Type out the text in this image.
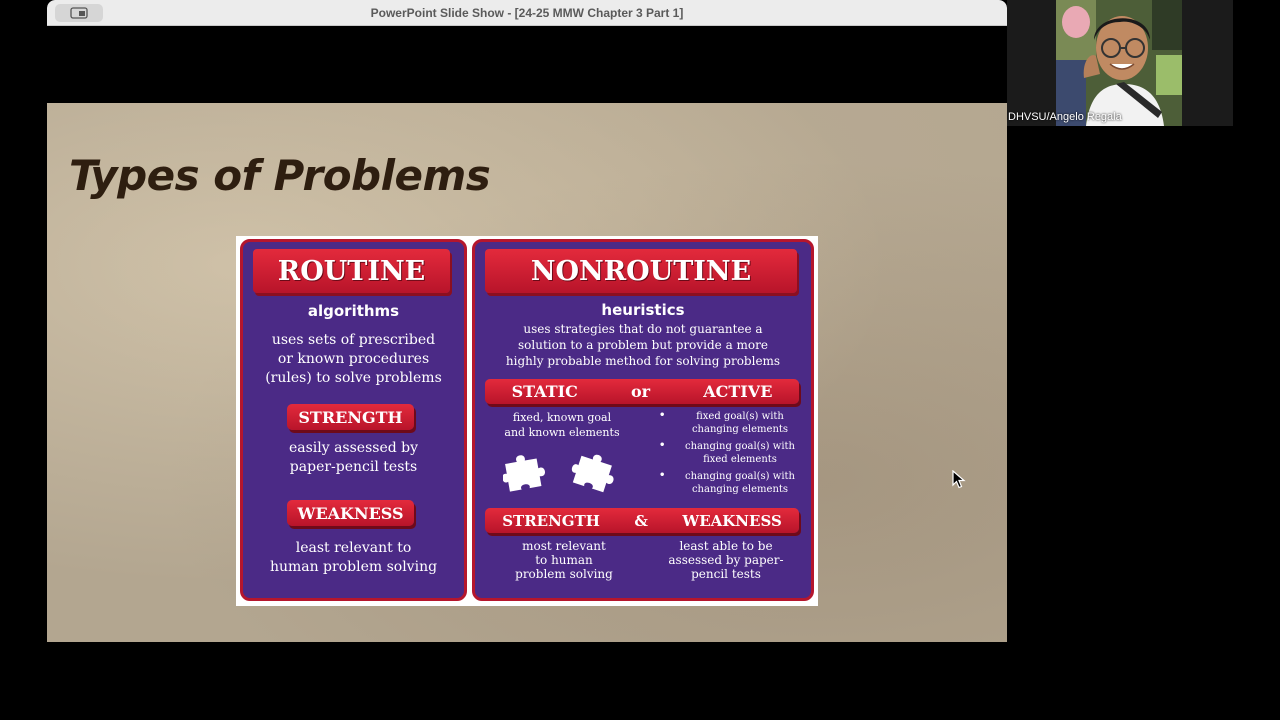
PowerPoint Slide Show - [24-25 MMW Chapter 3 Part 1]
Types of Problems
ROUTINE
algorithms
uses sets of prescribed
or known procedures
(rules) to solve problems
STRENGTH
easily assessed by
paper-pencil tests
WEAKNESS
least relevant to
human problem solving
NONROUTINE
heuristics
uses strategies that do not guarantee a
solution to a problem but provide a more
highly probable method for solving problems
STATIC	or	ACTIVE
fixed, known goal
and known elements
•	fixed goal(s) with
changing elements
•	changing goal(s) with
fixed elements
•	changing goal(s) with
changing elements
STRENGTH & WEAKNESS
most relevant
to human
problem solving
least able to be
assessed by paper-
pencil tests
DHVSU/Angelo Regala
